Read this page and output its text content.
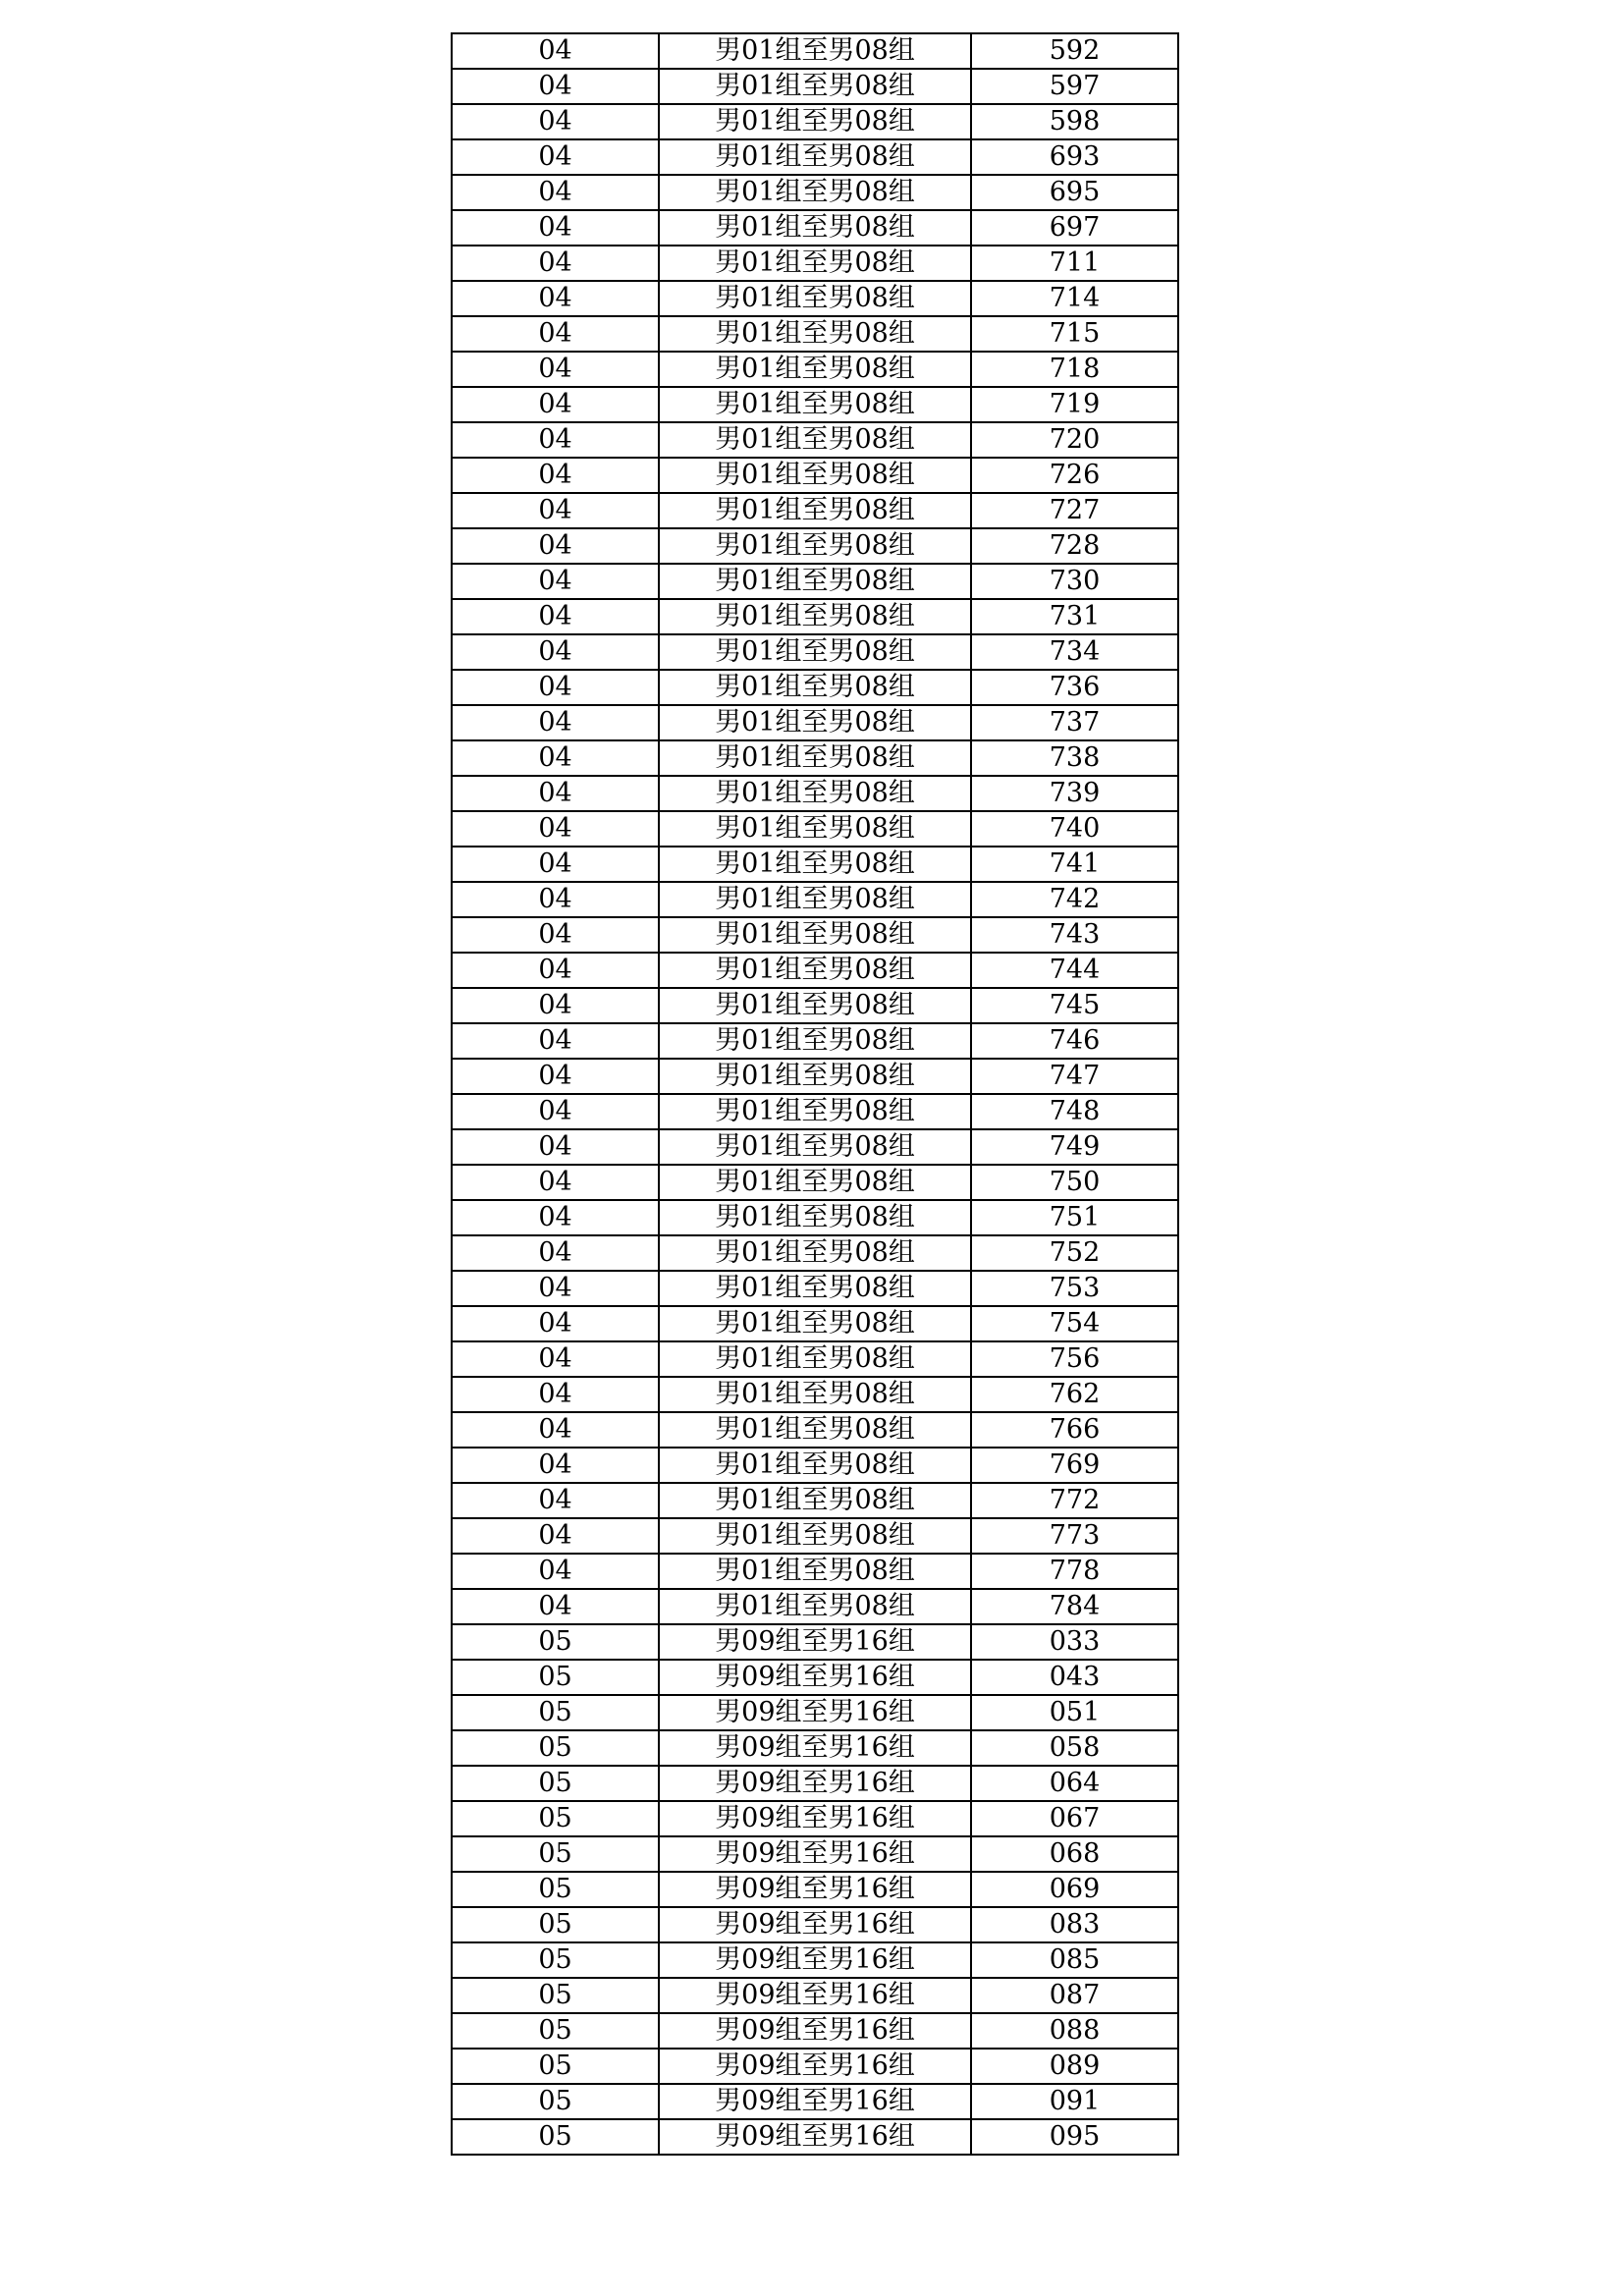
04	男01组至男08组	592
04	男01组至男08组	597
04	男01组至男08组	598
04	男01组至男08组	693
04	男01组至男08组	695
04	男01组至男08组	697
04	男01组至男08组	711
04	男01组至男08组	714
04	男01组至男08组	715
04	男01组至男08组	718
04	男01组至男08组	719
04	男01组至男08组	720
04	男01组至男08组	726
04	男01组至男08组	727
04	男01组至男08组	728
04	男01组至男08组	730
04	男01组至男08组	731
04	男01组至男08组	734
04	男01组至男08组	736
04	男01组至男08组	737
04	男01组至男08组	738
04	男01组至男08组	739
04	男01组至男08组	740
04	男01组至男08组	741
04	男01组至男08组	742
04	男01组至男08组	743
04	男01组至男08组	744
04	男01组至男08组	745
04	男01组至男08组	746
04	男01组至男08组	747
04	男01组至男08组	748
04	男01组至男08组	749
04	男01组至男08组	750
04	男01组至男08组	751
04	男01组至男08组	752
04	男01组至男08组	753
04	男01组至男08组	754
04	男01组至男08组	756
04	男01组至男08组	762
04	男01组至男08组	766
04	男01组至男08组	769
04	男01组至男08组	772
04	男01组至男08组	773
04	男01组至男08组	778
04	男01组至男08组	784
05	男09组至男16组	033
05	男09组至男16组	043
05	男09组至男16组	051
05	男09组至男16组	058
05	男09组至男16组	064
05	男09组至男16组	067
05	男09组至男16组	068
05	男09组至男16组	069
05	男09组至男16组	083
05	男09组至男16组	085
05	男09组至男16组	087
05	男09组至男16组	088
05	男09组至男16组	089
05	男09组至男16组	091
05	男09组至男16组	095
